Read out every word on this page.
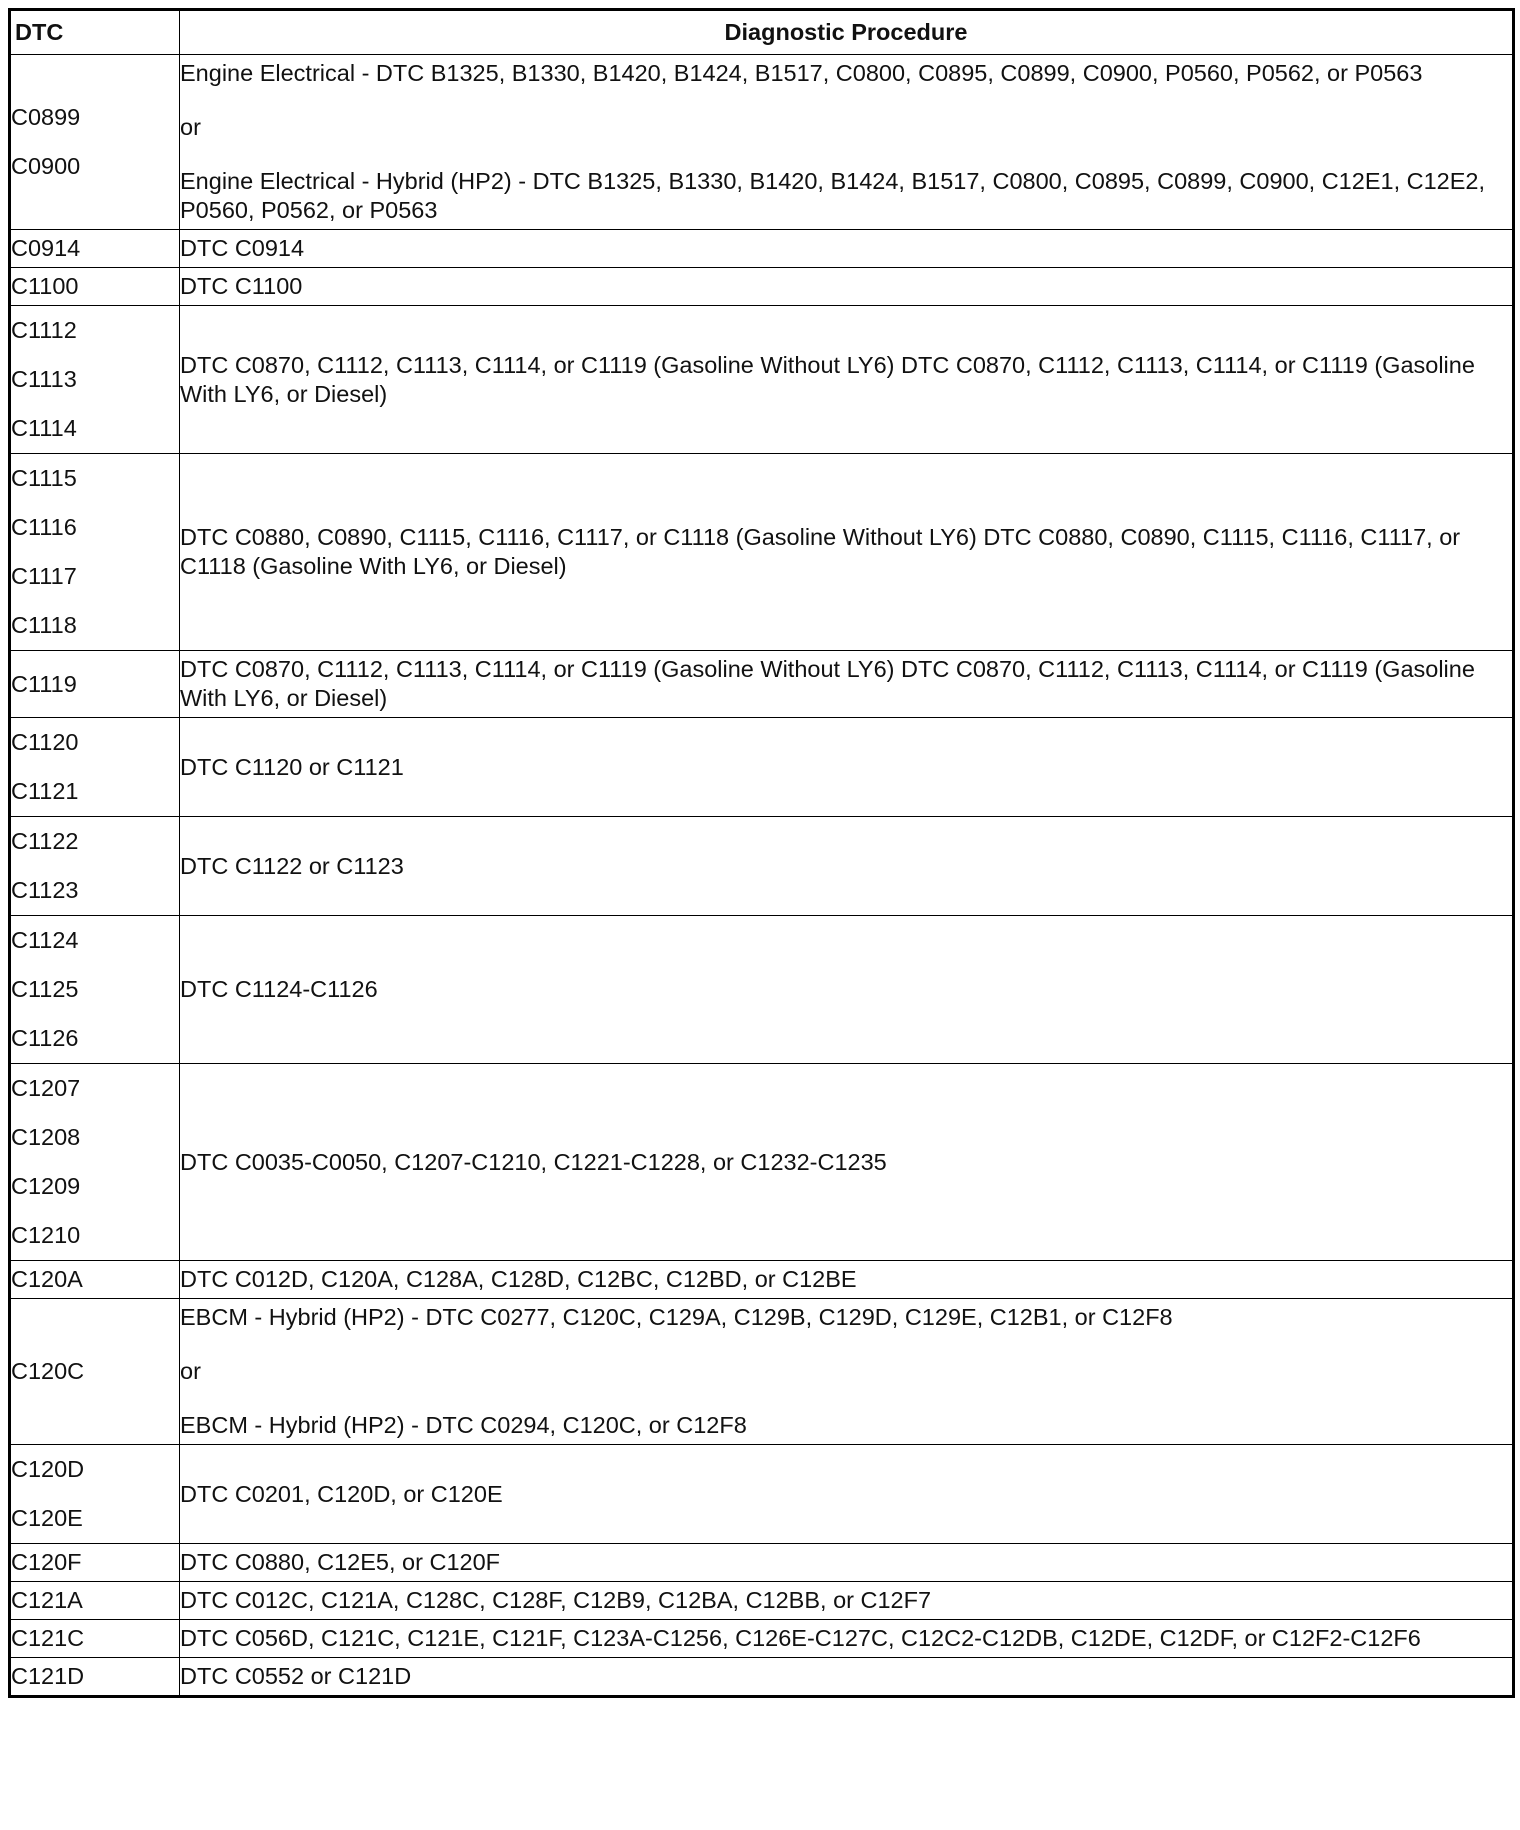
DTC	Diagnostic Procedure

C0899
C0900	Engine Electrical - DTC B1325, B1330, B1420, B1424, B1517, C0800, C0895, C0899, C0900, P0560, P0562, or P0563
or
Engine Electrical - Hybrid (HP2) - DTC B1325, B1330, B1420, B1424, B1517, C0800, C0895, C0899, C0900, C12E1, C12E2, P0560, P0562, or P0563

C0914	DTC C0914

C1100	DTC C1100

C1112
C1113
C1114	DTC C0870, C1112, C1113, C1114, or C1119 (Gasoline Without LY6) DTC C0870, C1112, C1113, C1114, or C1119 (Gasoline With LY6, or Diesel)

C1115
C1116
C1117
C1118	DTC C0880, C0890, C1115, C1116, C1117, or C1118 (Gasoline Without LY6) DTC C0880, C0890, C1115, C1116, C1117, or C1118 (Gasoline With LY6, or Diesel)

C1119	DTC C0870, C1112, C1113, C1114, or C1119 (Gasoline Without LY6) DTC C0870, C1112, C1113, C1114, or C1119 (Gasoline With LY6, or Diesel)

C1120
C1121	DTC C1120 or C1121

C1122
C1123	DTC C1122 or C1123

C1124
C1125
C1126	DTC C1124-C1126

C1207
C1208
C1209
C1210	DTC C0035-C0050, C1207-C1210, C1221-C1228, or C1232-C1235

C120A	DTC C012D, C120A, C128A, C128D, C12BC, C12BD, or C12BE

C120C	EBCM - Hybrid (HP2) - DTC C0277, C120C, C129A, C129B, C129D, C129E, C12B1, or C12F8
or
EBCM - Hybrid (HP2) - DTC C0294, C120C, or C12F8

C120D
C120E	DTC C0201, C120D, or C120E

C120F	DTC C0880, C12E5, or C120F

C121A	DTC C012C, C121A, C128C, C128F, C12B9, C12BA, C12BB, or C12F7

C121C	DTC C056D, C121C, C121E, C121F, C123A-C1256, C126E-C127C, C12C2-C12DB, C12DE, C12DF, or C12F2-C12F6

C121D	DTC C0552 or C121D
